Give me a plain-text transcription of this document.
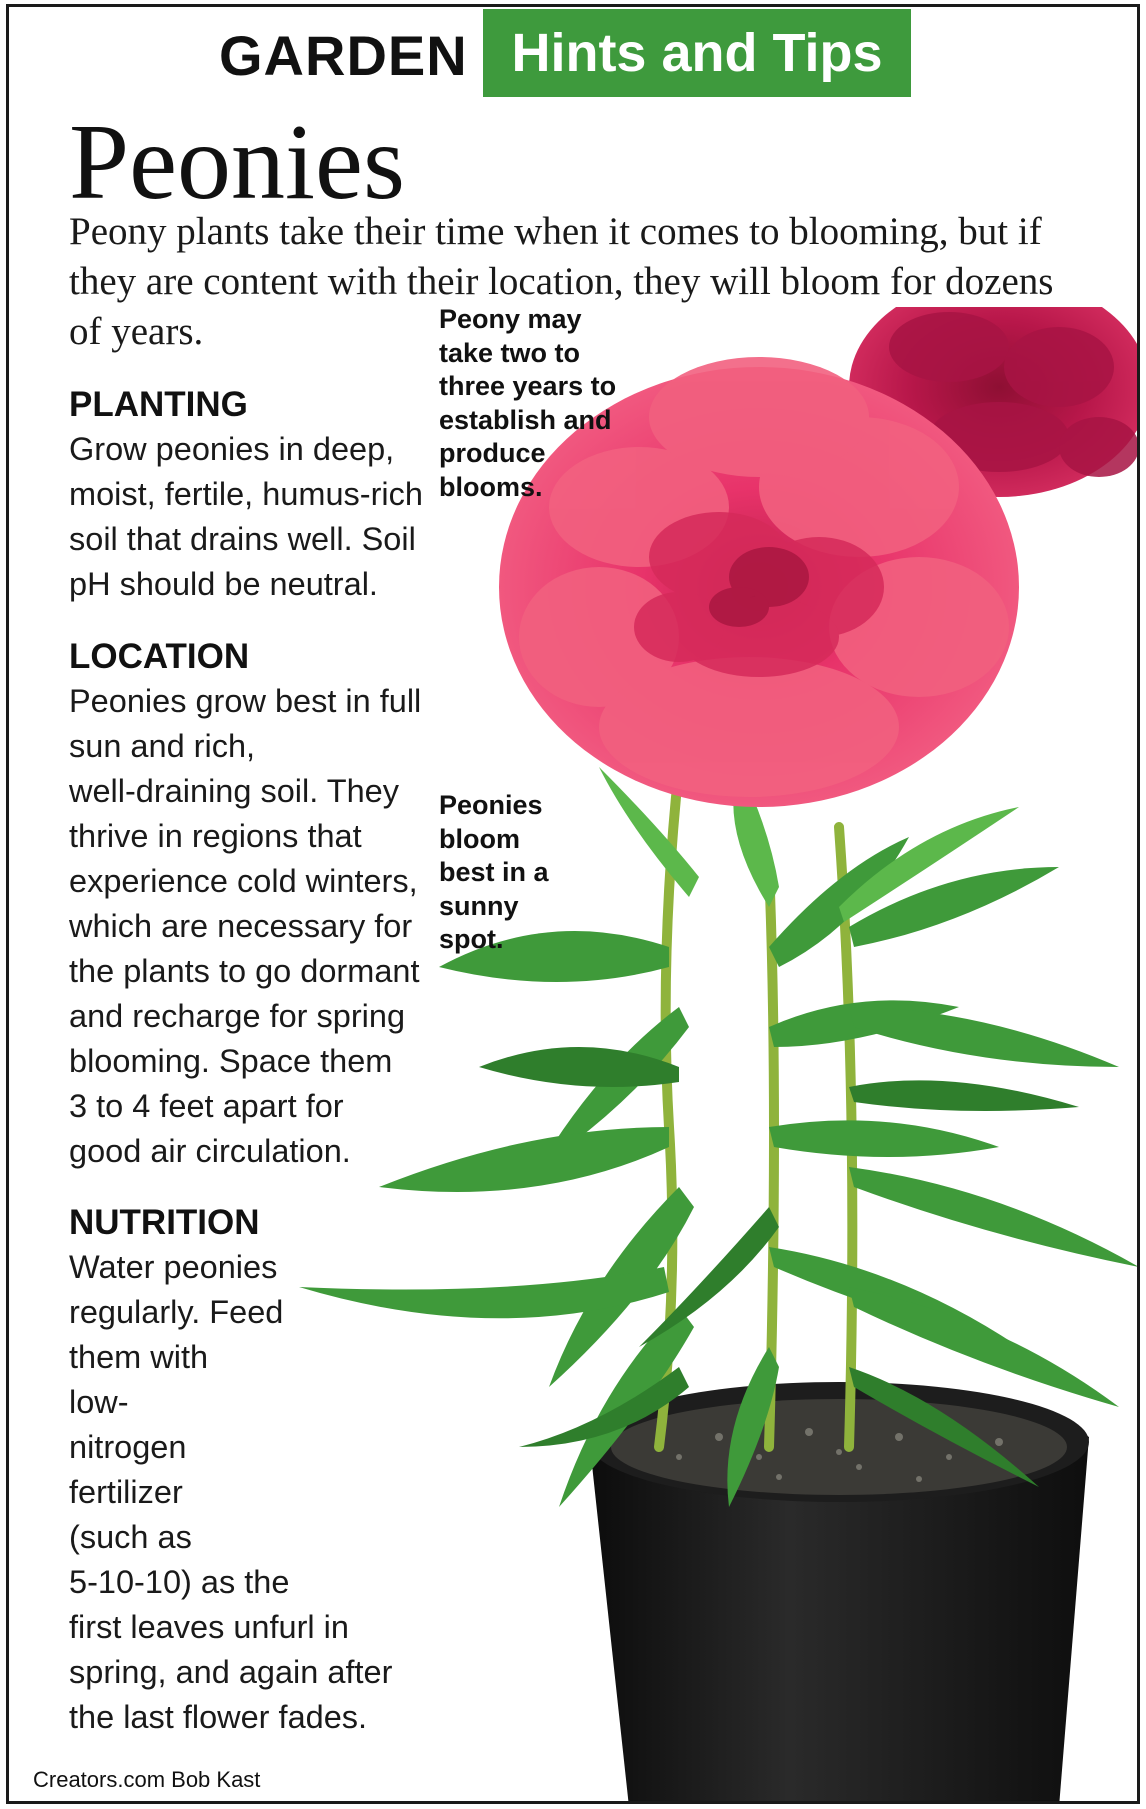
GARDEN Hints and Tips
Peonies
Peony plants take their time when it comes to blooming, but if they are content with their location, they will bloom for dozens of years.	Peony may
take two to
three years to
establish and
produce
blooms.
Peonies
bloom
best in a
sunny
spot.
PLANTING
Grow peonies in deep,
moist, fertile, humus-rich
soil that drains well. Soil
pH should be neutral.
LOCATION
Peonies grow best in full
sun and rich,
well-draining soil. They
thrive in regions that
experience cold winters,
which are necessary for
the plants to go dormant
and recharge for spring
blooming. Space them
3 to 4 feet apart for
good air circulation.
NUTRITION
Water peonies
regularly. Feed
them with
low-
nitrogen
fertilizer
(such as
5-10-10) as the
first leaves unfurl in
spring, and again after
the last flower fades.
Creators.com Bob Kast
